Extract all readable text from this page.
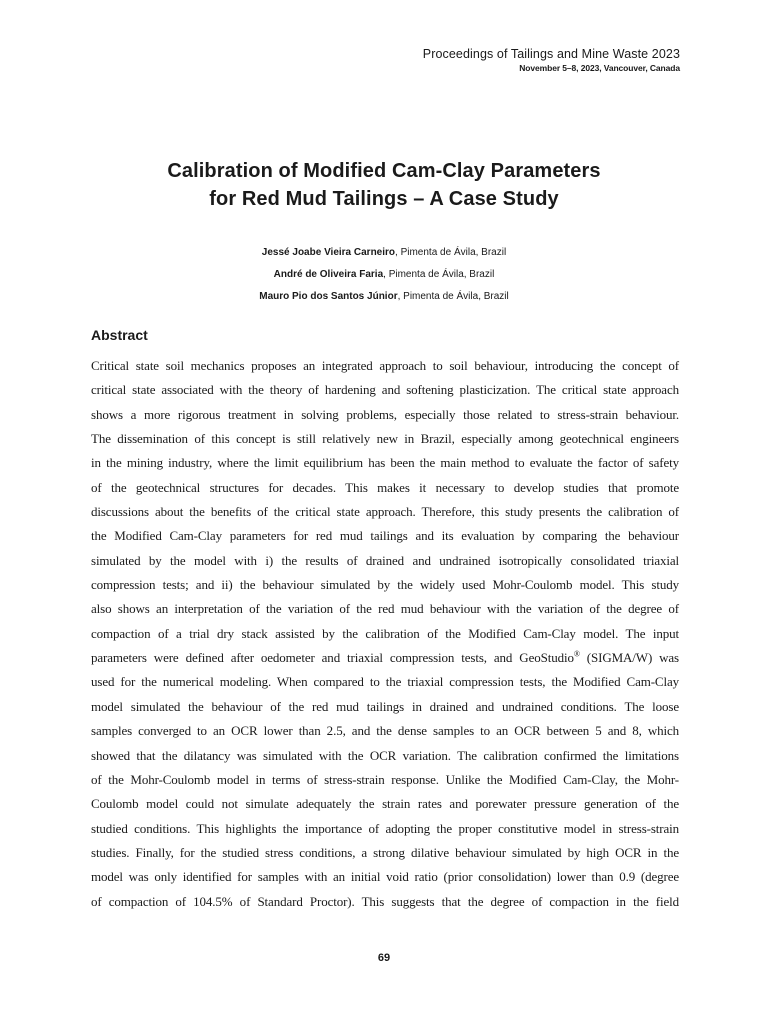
Proceedings of Tailings and Mine Waste 2023
November 5–8, 2023, Vancouver, Canada
Calibration of Modified Cam-Clay Parameters
for Red Mud Tailings – A Case Study
Jessé Joabe Vieira Carneiro, Pimenta de Ávila, Brazil
André de Oliveira Faria, Pimenta de Ávila, Brazil
Mauro Pio dos Santos Júnior, Pimenta de Ávila, Brazil
Abstract
Critical state soil mechanics proposes an integrated approach to soil behaviour, introducing the concept of
critical state associated with the theory of hardening and softening plasticization. The critical state approach
shows a more rigorous treatment in solving problems, especially those related to stress-strain behaviour.
The dissemination of this concept is still relatively new in Brazil, especially among geotechnical engineers
in the mining industry, where the limit equilibrium has been the main method to evaluate the factor of safety
of the geotechnical structures for decades. This makes it necessary to develop studies that promote
discussions about the benefits of the critical state approach. Therefore, this study presents the calibration of
the Modified Cam-Clay parameters for red mud tailings and its evaluation by comparing the behaviour
simulated by the model with i) the results of drained and undrained isotropically consolidated triaxial
compression tests; and ii) the behaviour simulated by the widely used Mohr-Coulomb model. This study
also shows an interpretation of the variation of the red mud behaviour with the variation of the degree of
compaction of a trial dry stack assisted by the calibration of the Modified Cam-Clay model. The input
parameters were defined after oedometer and triaxial compression tests, and GeoStudio® (SIGMA/W) was
used for the numerical modeling. When compared to the triaxial compression tests, the Modified Cam-Clay
model simulated the behaviour of the red mud tailings in drained and undrained conditions. The loose
samples converged to an OCR lower than 2.5, and the dense samples to an OCR between 5 and 8, which
showed that the dilatancy was simulated with the OCR variation. The calibration confirmed the limitations
of the Mohr-Coulomb model in terms of stress-strain response. Unlike the Modified Cam-Clay, the Mohr-
Coulomb model could not simulate adequately the strain rates and porewater pressure generation of the
studied conditions. This highlights the importance of adopting the proper constitutive model in stress-strain
studies. Finally, for the studied stress conditions, a strong dilative behaviour simulated by high OCR in the
model was only identified for samples with an initial void ratio (prior consolidation) lower than 0.9 (degree
of compaction of 104.5% of Standard Proctor). This suggests that the degree of compaction in the field
69
